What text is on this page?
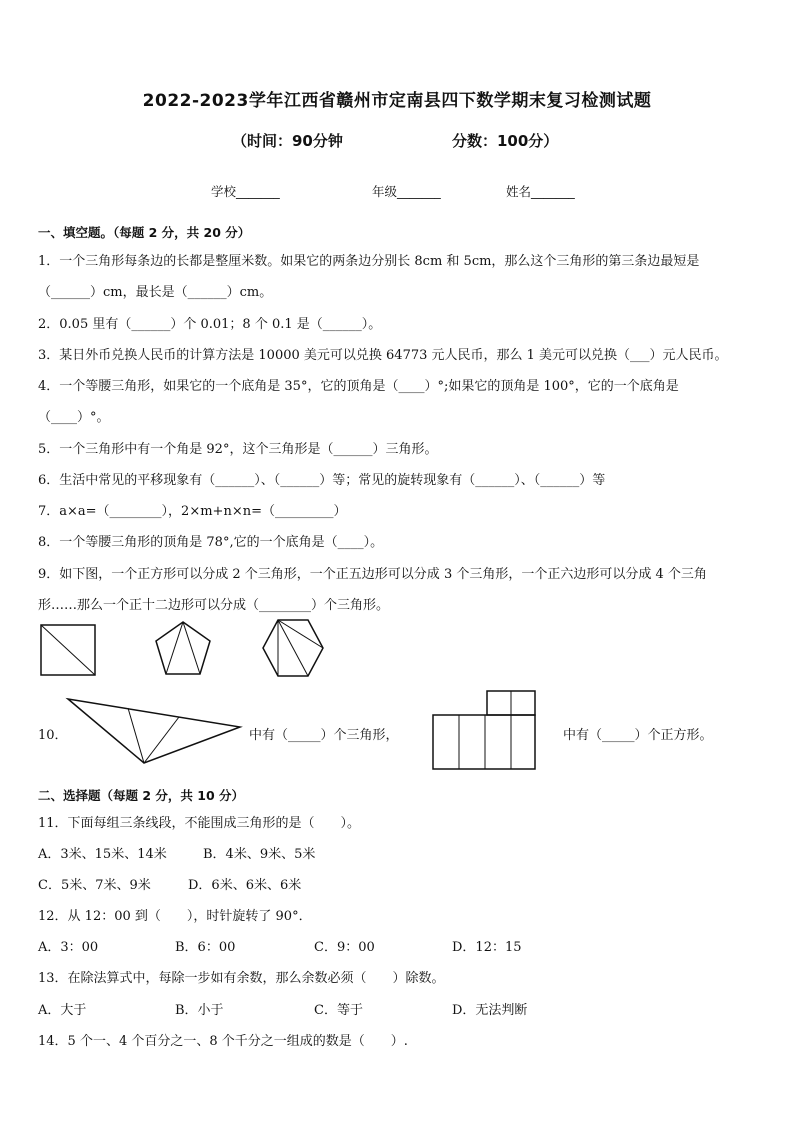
2022-2023学年江西省赣州市定南县四下数学期末复习检测试题
（时间：90分钟	分数：100分）
学校_______	年级_______	姓名_______
一、填空题。（每题 2 分，共 20 分）
1．一个三角形每条边的长都是整厘米数。如果它的两条边分别长 8cm 和 5cm，那么这个三角形的第三条边最短是
（______）cm，最长是（______）cm。
2．0.05 里有（______）个 0.01；8 个 0.1 是（______）。
3．某日外币兑换人民币的计算方法是 10000 美元可以兑换 64773 元人民币，那么 1 美元可以兑换（___）元人民币。
4．一个等腰三角形，如果它的一个底角是 35°，它的顶角是（____）°;如果它的顶角是 100°，它的一个底角是
（____）°。
5．一个三角形中有一个角是 92°，这个三角形是（______）三角形。
6．生活中常见的平移现象有（______）、（______）等；常见的旋转现象有（______）、（______）等
7．a×a=（________），2×m+n×n=（_________）
8．一个等腰三角形的顶角是 78°,它的一个底角是（____）。
9．如下图，一个正方形可以分成 2 个三角形，一个正五边形可以分成 3 个三角形，一个正六边形可以分成 4 个三角
形……那么一个正十二边形可以分成（________）个三角形。
10．	中有（_____）个三角形，	中有（_____）个正方形。
二、选择题（每题 2 分，共 10 分）
11．下面每组三条线段，不能围成三角形的是（　　）。
A．3米、15米、14米	B．4米、9米、5米
C．5米、7米、9米	D．6米、6米、6米
12．从 12：00 到（　　），时针旋转了 90°．
A．3：00	B．6：00	C．9：00	D．12：15
13．在除法算式中，每除一步如有余数，那么余数必须（　　）除数。
A．大于	B．小于	C．等于	D．无法判断
14．5 个一、4 个百分之一、8 个千分之一组成的数是（　　）.
